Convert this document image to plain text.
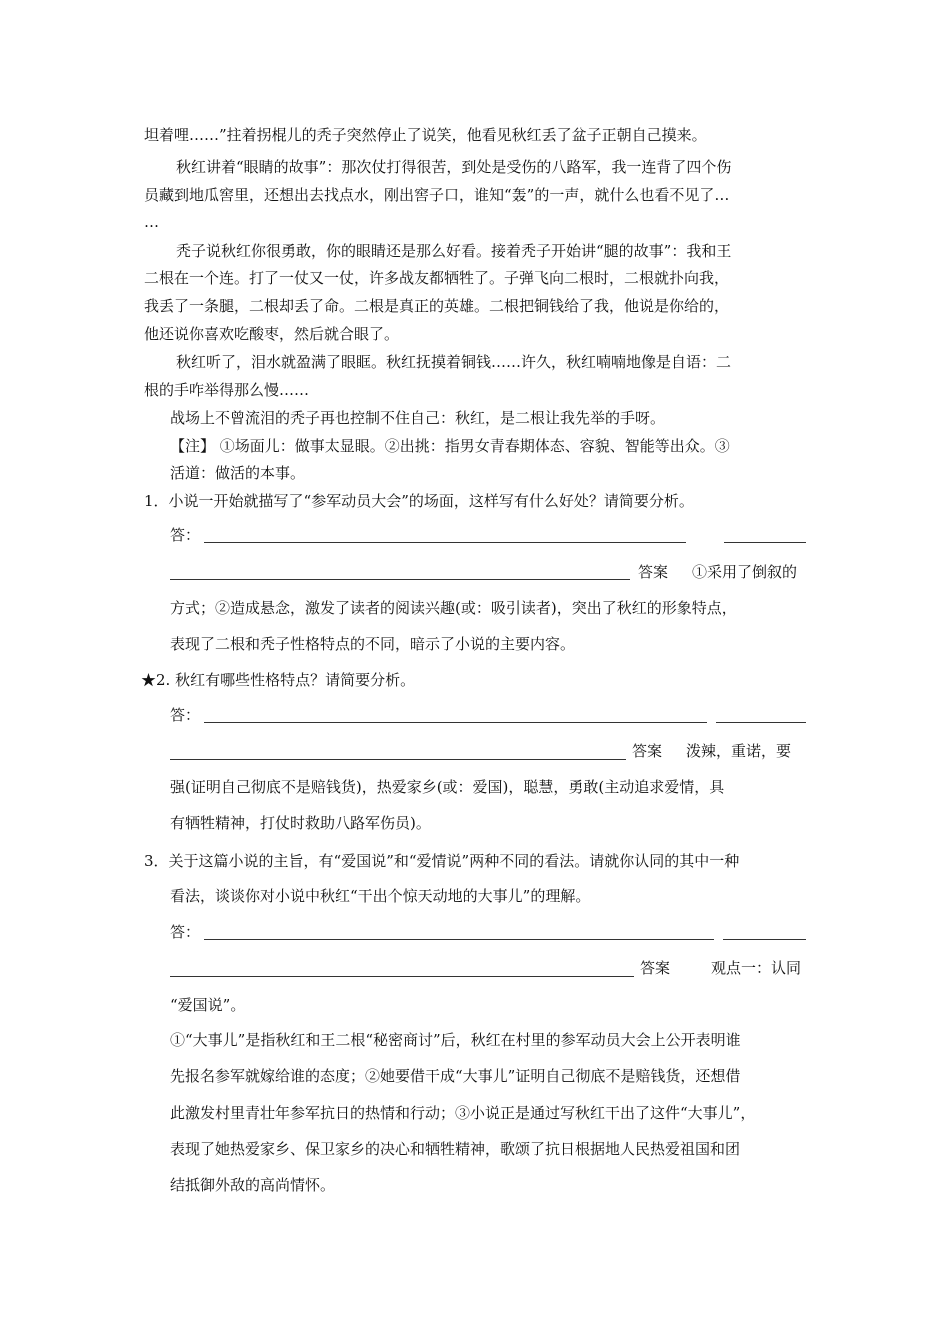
坦着哩……”拄着拐棍儿的秃子突然停止了说笑，他看见秋红丢了盆子正朝自己摸来。
秋红讲着“眼睛的故事”：那次仗打得很苦，到处是受伤的八路军，我一连背了四个伤
员藏到地瓜窖里，还想出去找点水，刚出窖子口，谁知“轰”的一声，就什么也看不见了…
…
秃子说秋红你很勇敢，你的眼睛还是那么好看。接着秃子开始讲“腿的故事”：我和王
二根在一个连。打了一仗又一仗，许多战友都牺牲了。子弹飞向二根时，二根就扑向我，
我丢了一条腿，二根却丢了命。二根是真正的英雄。二根把铜钱给了我，他说是你给的，
他还说你喜欢吃酸枣，然后就合眼了。
秋红听了，泪水就盈满了眼眶。秋红抚摸着铜钱……许久，秋红喃喃地像是自语：二
根的手咋举得那么慢……
战场上不曾流泪的秃子再也控制不住自己：秋红，是二根让我先举的手呀。
【注】 ①场面儿：做事太显眼。②出挑：指男女青春期体态、容貌、智能等出众。③
活道：做活的本事。
1．小说一开始就描写了“参军动员大会”的场面，这样写有什么好处？请简要分析。
答：
答案 ①采用了倒叙的
方式；②造成悬念，激发了读者的阅读兴趣(或：吸引读者)，突出了秋红的形象特点，
表现了二根和秃子性格特点的不同，暗示了小说的主要内容。
★2. 秋红有哪些性格特点？请简要分析。
答：
答案 泼辣，重诺，要
强(证明自己彻底不是赔钱货)，热爱家乡(或：爱国)，聪慧，勇敢(主动追求爱情，具
有牺牲精神，打仗时救助八路军伤员)。
3．关于这篇小说的主旨，有“爱国说”和“爱情说”两种不同的看法。请就你认同的其中一种
看法，谈谈你对小说中秋红“干出个惊天动地的大事儿”的理解。
答：
答案	观点一：认同
“爱国说”。
①“大事儿”是指秋红和王二根“秘密商讨”后，秋红在村里的参军动员大会上公开表明谁
先报名参军就嫁给谁的态度；②她要借干成“大事儿”证明自己彻底不是赔钱货，还想借
此激发村里青壮年参军抗日的热情和行动；③小说正是通过写秋红干出了这件“大事儿”，
表现了她热爱家乡、保卫家乡的决心和牺牲精神，歌颂了抗日根据地人民热爱祖国和团
结抵御外敌的高尚情怀。
